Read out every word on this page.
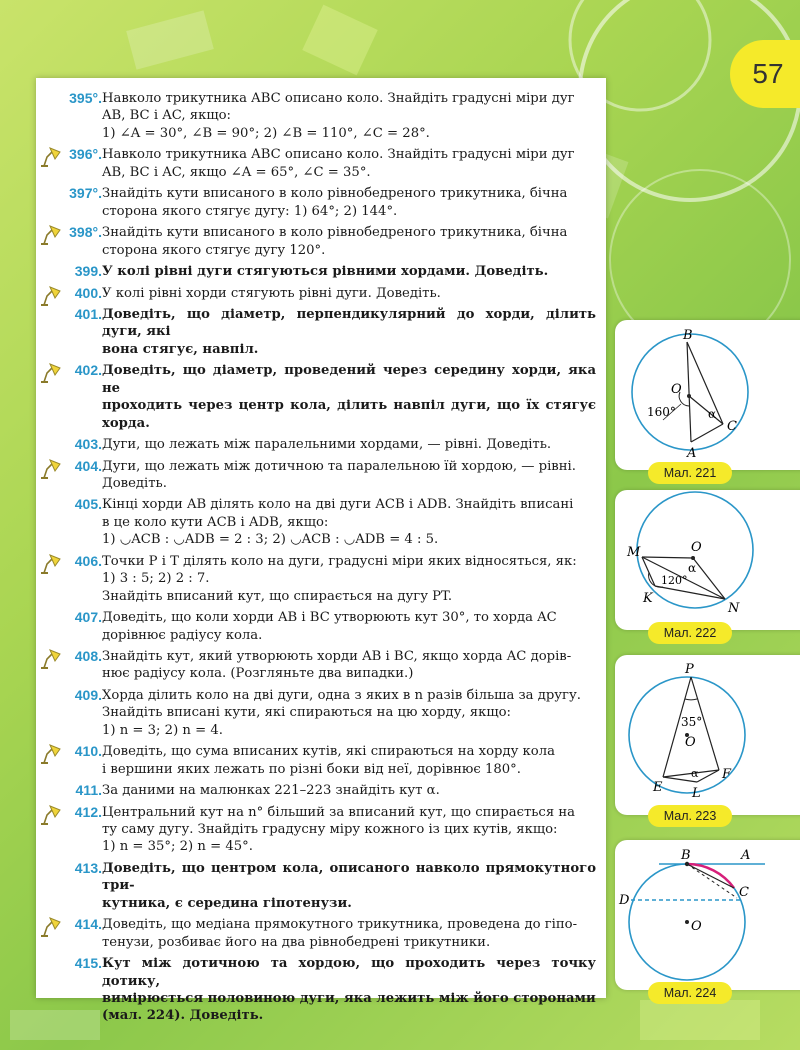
57
395°. Навколо трикутника ABC описано коло. Знайдіть градусні міри дуг
AB, BC і AC, якщо:
1) ∠A = 30°, ∠B = 90°; 2) ∠B = 110°, ∠C = 28°.
396°. Навколо трикутника ABC описано коло. Знайдіть градусні міри дуг
AB, BC і AC, якщо ∠A = 65°, ∠C = 35°.
397°. Знайдіть кути вписаного в коло рівнобедреного трикутника, бічна
сторона якого стягує дугу: 1) 64°; 2) 144°.
398°. Знайдіть кути вписаного в коло рівнобедреного трикутника, бічна
сторона якого стягує дугу 120°.
399. У колі рівні дуги стягуються рівними хордами. Доведіть.
400. У колі рівні хорди стягують рівні дуги. Доведіть.
401. Доведіть, що діаметр, перпендикулярний до хорди, ділить дуги, які
вона стягує, навпіл.
402. Доведіть, що діаметр, проведений через середину хорди, яка не
проходить через центр кола, ділить навпіл дуги, що їх стягує хорда.
403. Дуги, що лежать між паралельними хордами, — рівні. Доведіть.
404. Дуги, що лежать між дотичною та паралельною їй хордою, — рівні.
Доведіть.
405. Кінці хорди AB ділять коло на дві дуги ACB і ADB. Знайдіть вписані
в це коло кути ACB і ADB, якщо:
1) ◡ACB : ◡ADB = 2 : 3; 2) ◡ACB : ◡ADB = 4 : 5.
406. Точки P і T ділять коло на дуги, градусні міри яких відносяться, як:
1) 3 : 5; 2) 2 : 7.
Знайдіть вписаний кут, що спирається на дугу PT.
407. Доведіть, що коли хорди AB і BC утворюють кут 30°, то хорда AC
дорівнює радіусу кола.
408. Знайдіть кут, який утворюють хорди AB і BC, якщо хорда AC дорів-
нює радіусу кола. (Розгляньте два випадки.)
409. Хорда ділить коло на дві дуги, одна з яких в n разів більша за другу.
Знайдіть вписані кути, які спираються на цю хорду, якщо:
1) n = 3; 2) n = 4.
410. Доведіть, що сума вписаних кутів, які спираються на хорду кола
і вершини яких лежать по різні боки від неї, дорівнює 180°.
411. За даними на малюнках 221–223 знайдіть кут α.
412. Центральний кут на n° більший за вписаний кут, що спирається на
ту саму дугу. Знайдіть градусну міру кожного із цих кутів, якщо:
1) n = 35°; 2) n = 45°.
413. Доведіть, що центром кола, описаного навколо прямокутного три-
кутника, є середина гіпотенузи.
414. Доведіть, що медіана прямокутного трикутника, проведена до гіпо-
тенузи, розбиває його на два рівнобедрені трикутники.
415. Кут між дотичною та хордою, що проходить через точку дотику,
вимірюється половиною дуги, яка лежить між його сторонами
(мал. 224). Доведіть.
B
O
A
C
160°	α
Мал. 221
M	O
K
N
120°
α
Мал. 222
P
O
E L
F
35°
α
Мал. 223
B	A
D
C
O
Мал. 224
